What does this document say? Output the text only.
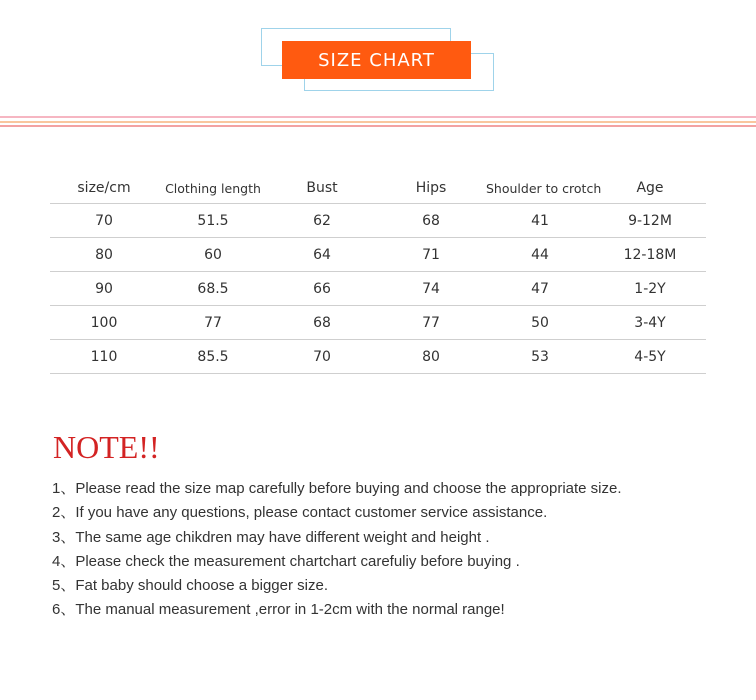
SIZE CHART
size/cm	Clothing length	Bust	Hips	Shoulder to crotch	Age
70	51.5	62	68	41	9-12M
80	60	64	71	44	12-18M
90	68.5	66	74	47	1-2Y
100	77	68	77	50	3-4Y
110	85.5	70	80	53	4-5Y
NOTE!!
1、Please read the size map carefully before buying and choose the appropriate size.
2、If you have any questions, please contact customer service assistance.
3、The same age chikdren may have different weight and height .
4、Please check the measurement chartchart carefuliy before buying .
5、Fat baby should choose a bigger size.
6、The manual measurement ,error in 1-2cm with the normal range!
